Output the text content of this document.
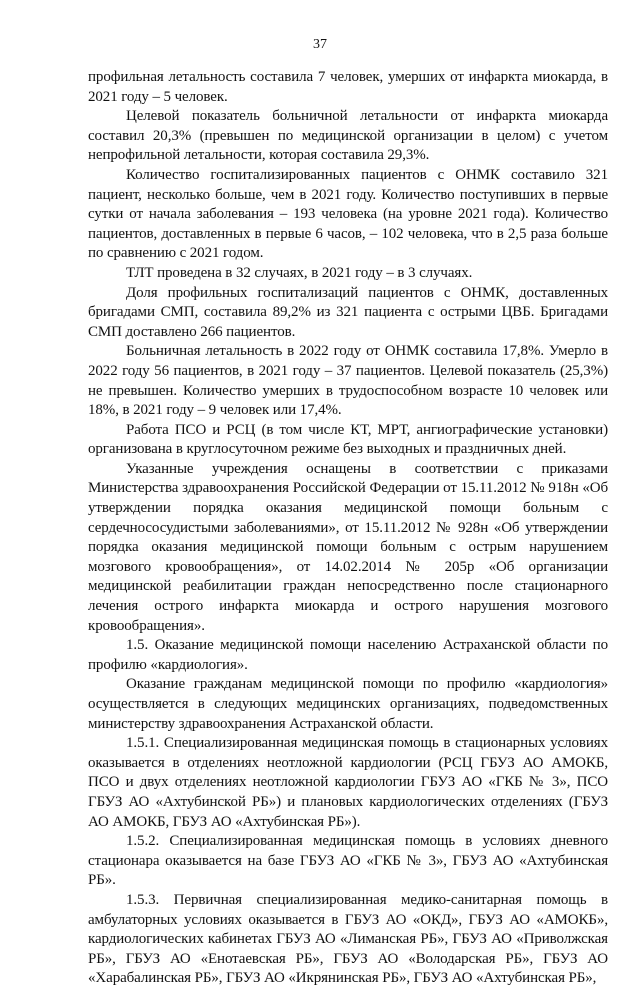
37

профильная летальность составила 7 человек, умерших от инфаркта миокарда, в 2021 году – 5 человек.

Целевой показатель больничной летальности от инфаркта миокарда составил 20,3% (превышен по медицинской организации в целом) с учетом непрофильной летальности, которая составила 29,3%.

Количество госпитализированных пациентов с ОНМК составило 321 пациент, несколько больше, чем в 2021 году. Количество поступивших в первые сутки от начала заболевания – 193 человека (на уровне 2021 года). Количество пациентов, доставленных в первые 6 часов, – 102 человека, что в 2,5 раза больше по сравнению с 2021 годом.

ТЛТ проведена в 32 случаях, в 2021 году – в 3 случаях.

Доля профильных госпитализаций пациентов с ОНМК, доставленных бригадами СМП, составила 89,2% из 321 пациента с острыми ЦВБ. Бригадами СМП доставлено 266 пациентов.

Больничная летальность в 2022 году от ОНМК составила 17,8%. Умерло в 2022 году 56 пациентов, в 2021 году – 37 пациентов. Целевой показатель (25,3%) не превышен. Количество умерших в трудоспособном возрасте 10 человек или 18%, в 2021 году – 9 человек или 17,4%.

Работа ПСО и РСЦ (в том числе КТ, МРТ, ангиографические установки) организована в круглосуточном режиме без выходных и праздничных дней.

Указанные учреждения оснащены в соответствии с приказами Министерства здравоохранения Российской Федерации от 15.11.2012 № 918н «Об утверждении порядка оказания медицинской помощи больным с сердечнососудистыми заболеваниями», от 15.11.2012 № 928н «Об утверждении порядка оказания медицинской помощи больным с острым нарушением мозгового кровообращения», от 14.02.2014 № 205р «Об организации медицинской реабилитации граждан непосредственно после стационарного лечения острого инфаркта миокарда и острого нарушения мозгового кровообращения».

1.5. Оказание медицинской помощи населению Астраханской области по профилю «кардиология».

Оказание гражданам медицинской помощи по профилю «кардиология» осуществляется в следующих медицинских организациях, подведомственных министерству здравоохранения Астраханской области.

1.5.1. Специализированная медицинская помощь в стационарных условиях оказывается в отделениях неотложной кардиологии (РСЦ ГБУЗ АО АМОКБ, ПСО и двух отделениях неотложной кардиологии ГБУЗ АО «ГКБ № 3», ПСО ГБУЗ АО «Ахтубинской РБ») и плановых кардиологических отделениях (ГБУЗ АО АМОКБ, ГБУЗ АО «Ахтубинская РБ»).

1.5.2. Специализированная медицинская помощь в условиях дневного стационара оказывается на базе ГБУЗ АО «ГКБ № 3», ГБУЗ АО «Ахтубинская РБ».

1.5.3. Первичная специализированная медико-санитарная помощь в амбулаторных условиях оказывается в ГБУЗ АО «ОКД», ГБУЗ АО «АМОКБ», кардиологических кабинетах ГБУЗ АО «Лиманская РБ», ГБУЗ АО «Приволжская РБ», ГБУЗ АО «Енотаевская РБ», ГБУЗ АО «Володарская РБ», ГБУЗ АО «Харабалинская РБ», ГБУЗ АО «Икрянинская РБ», ГБУЗ АО «Ахтубинская РБ»,
